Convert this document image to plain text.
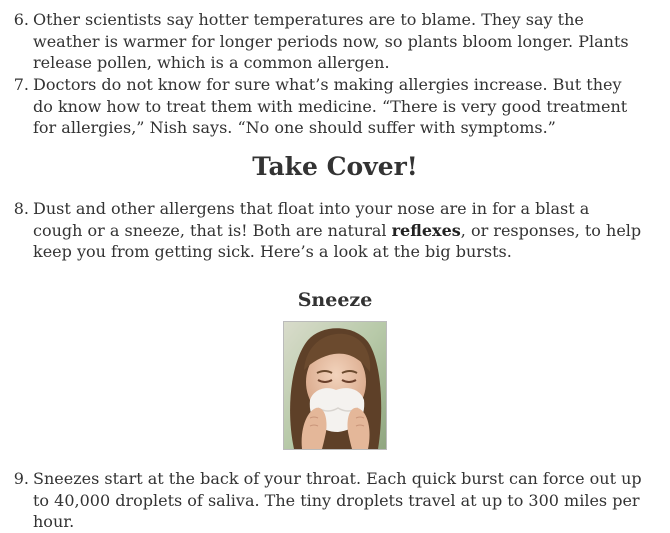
6. Other scientists say hotter temperatures are to blame. They say the weather is warmer for longer periods now, so plants bloom longer. Plants release pollen, which is a common allergen.

7. Doctors do not know for sure what’s making allergies increase. But they do know how to treat them with medicine. “There is very good treatment for allergies,” Nish says. “No one should suffer with symptoms.”

Take Cover!

8. Dust and other allergens that float into your nose are in for a blast a cough or a sneeze, that is! Both are natural reflexes, or responses, to help keep you from getting sick. Here’s a look at the big bursts.

Sneeze

9. Sneezes start at the back of your throat. Each quick burst can force out up to 40,000 droplets of saliva. The tiny droplets travel at up to 300 miles per hour.
